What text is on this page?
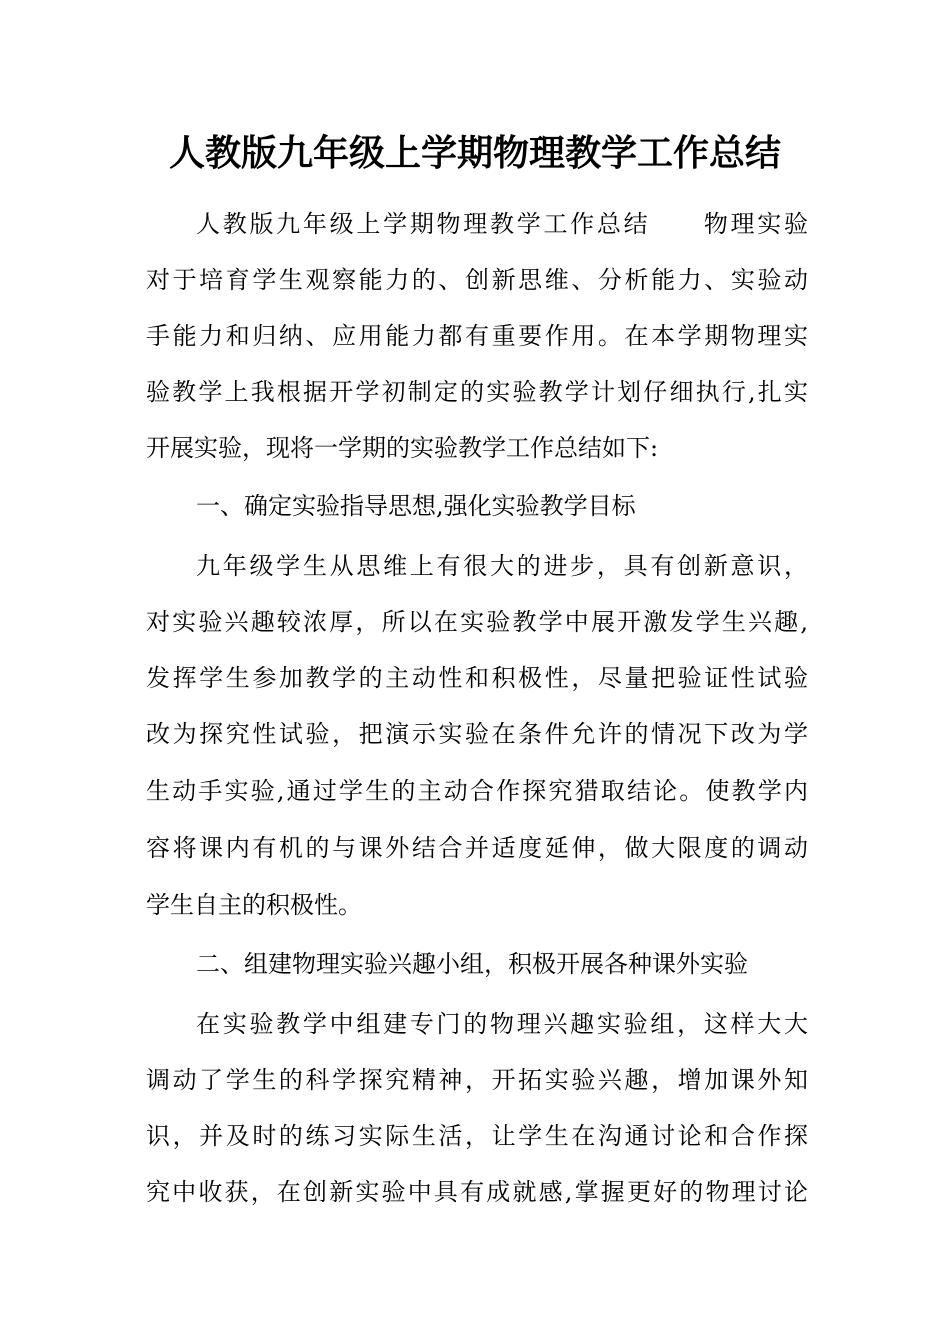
人教版九年级上学期物理教学工作总结
人教版九年级上学期物理教学工作总结　　物理实验
对于培育学生观察能力的、创新思维、分析能力、实验动
手能力和归纳、应用能力都有重要作用。在本学期物理实
验教学上我根据开学初制定的实验教学计划仔细执行,扎实
开展实验，现将一学期的实验教学工作总结如下:
一、确定实验指导思想,强化实验教学目标
九年级学生从思维上有很大的进步，具有创新意识，
对实验兴趣较浓厚，所以在实验教学中展开激发学生兴趣,
发挥学生参加教学的主动性和积极性，尽量把验证性试验
改为探究性试验，把演示实验在条件允许的情况下改为学
生动手实验,通过学生的主动合作探究猎取结论。使教学内
容将课内有机的与课外结合并适度延伸，做大限度的调动
学生自主的积极性。
二、组建物理实验兴趣小组，积极开展各种课外实验
在实验教学中组建专门的物理兴趣实验组，这样大大
调动了学生的科学探究精神，开拓实验兴趣，增加课外知
识，并及时的练习实际生活，让学生在沟通讨论和合作探
究中收获，在创新实验中具有成就感,掌握更好的物理讨论
